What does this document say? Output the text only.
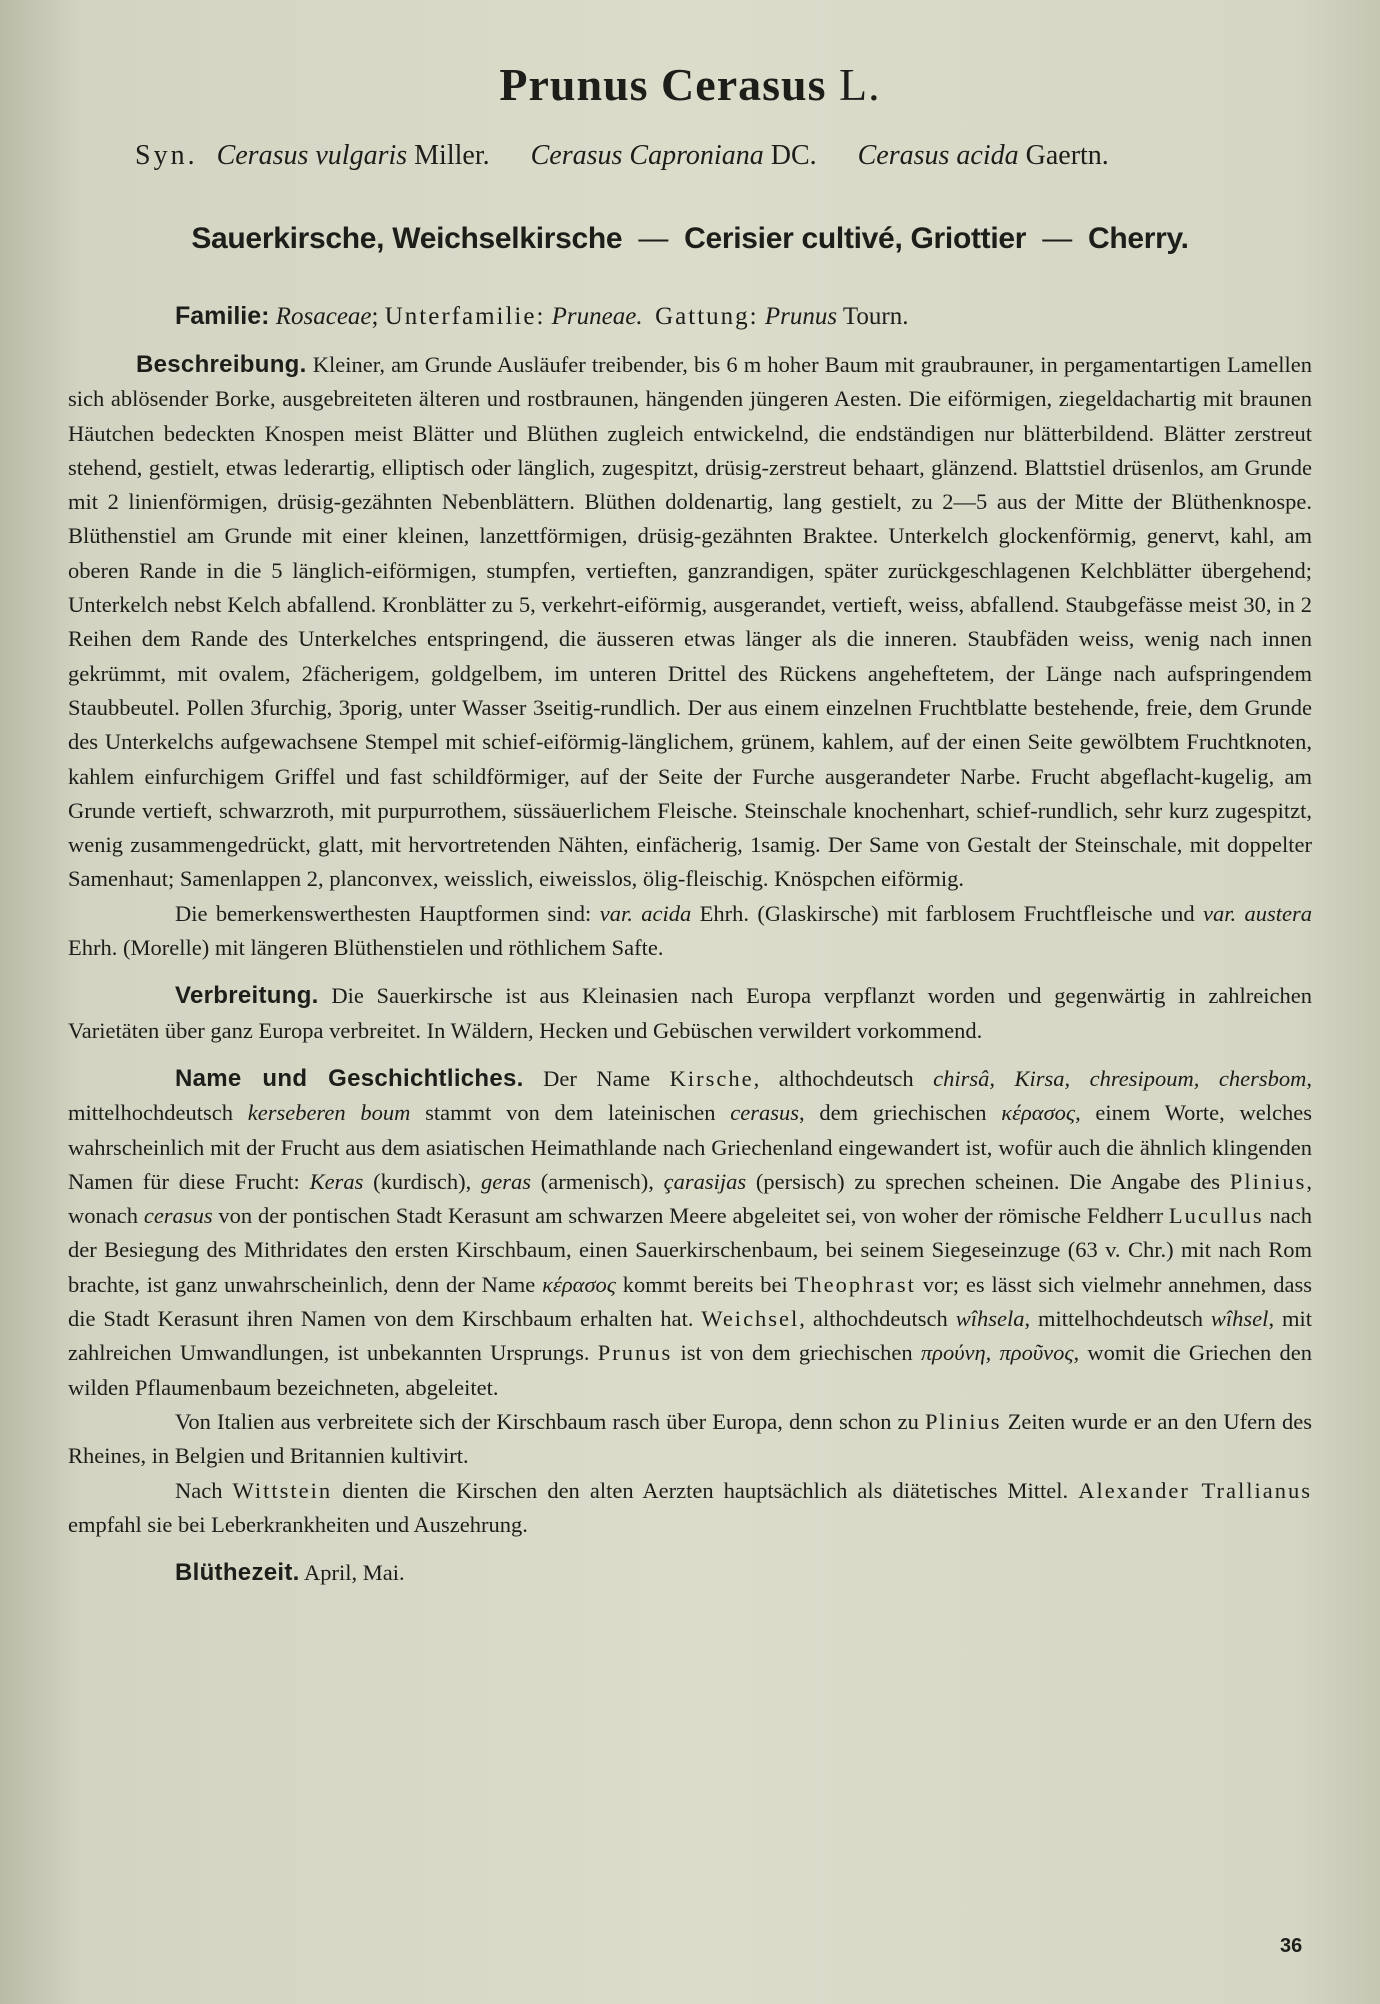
Prunus Cerasus L.
Syn. Cerasus vulgaris Miller. Cerasus Caproniana DC. Cerasus acida Gaertn.
Sauerkirsche, Weichselkirsche — Cerisier cultivé, Griottier — Cherry.
Familie: Rosaceae; Unterfamilie: Pruneae. Gattung: Prunus Tourn.

Beschreibung. Kleiner, am Grunde Ausläufer treibender, bis 6 m hoher Baum mit graubrauner, in pergamentartigen Lamellen sich ablösender Borke, ausgebreiteten älteren und rostbraunen, hängenden jüngeren Aesten. Die eiförmigen, ziegeldachartig mit braunen Häutchen bedeckten Knospen meist Blätter und Blüthen zugleich entwickelnd, die endständigen nur blätterbildend. Blätter zerstreut stehend, gestielt, etwas lederartig, elliptisch oder länglich, zugespitzt, drüsig-zerstreut behaart, glänzend. Blattstiel drüsenlos, am Grunde mit 2 linienförmigen, drüsig-gezähnten Nebenblättern. Blüthen doldenartig, lang gestielt, zu 2—5 aus der Mitte der Blüthenknospe. Blüthenstiel am Grunde mit einer kleinen, lanzettförmigen, drüsig-gezähnten Braktee. Unterkelch glockenförmig, genervt, kahl, am oberen Rande in die 5 länglich-eiförmigen, stumpfen, vertieften, ganzrandigen, später zurückgeschlagenen Kelchblätter übergehend; Unterkelch nebst Kelch abfallend. Kronblätter zu 5, verkehrt-eiförmig, ausgerandet, vertieft, weiss, abfallend. Staubgefässe meist 30, in 2 Reihen dem Rande des Unterkelches entspringend, die äusseren etwas länger als die inneren. Staubfäden weiss, wenig nach innen gekrümmt, mit ovalem, 2fächerigem, goldgelbem, im unteren Drittel des Rückens angeheftetem, der Länge nach aufspringendem Staubbeutel. Pollen 3furchig, 3porig, unter Wasser 3seitig-rundlich. Der aus einem einzelnen Fruchtblatte bestehende, freie, dem Grunde des Unterkelchs aufgewachsene Stempel mit schief-eiförmig-länglichem, grünem, kahlem, auf der einen Seite gewölbtem Fruchtknoten, kahlem einfurchigem Griffel und fast schildförmiger, auf der Seite der Furche ausgerandeter Narbe. Frucht abgeflacht-kugelig, am Grunde vertieft, schwarzroth, mit purpurrothem, süssäuerlichem Fleische. Steinschale knochenhart, schief-rundlich, sehr kurz zugespitzt, wenig zusammengedrückt, glatt, mit hervortretenden Nähten, einfächerig, 1samig. Der Same von Gestalt der Steinschale, mit doppelter Samenhaut; Samenlappen 2, planconvex, weisslich, eiweisslos, ölig-fleischig. Knöspchen eiförmig.

Die bemerkenswerthesten Hauptformen sind: var. acida Ehrh. (Glaskirsche) mit farblosem Fruchtfleische und var. austera Ehrh. (Morelle) mit längeren Blüthenstielen und röthlichem Safte.

Verbreitung. Die Sauerkirsche ist aus Kleinasien nach Europa verpflanzt worden und gegenwärtig in zahlreichen Varietäten über ganz Europa verbreitet. In Wäldern, Hecken und Gebüschen verwildert vorkommend.

Name und Geschichtliches. Der Name Kirsche, althochdeutsch chirsâ, Kirsa, chresipoum, chersbom, mittelhochdeutsch kerseberen boum stammt von dem lateinischen cerasus, dem griechischen κέρασος, einem Worte, welches wahrscheinlich mit der Frucht aus dem asiatischen Heimathlande nach Griechenland eingewandert ist, wofür auch die ähnlich klingenden Namen für diese Frucht: Keras (kurdisch), geras (armenisch), çarasijas (persisch) zu sprechen scheinen. Die Angabe des Plinius, wonach cerasus von der pontischen Stadt Kerasunt am schwarzen Meere abgeleitet sei, von woher der römische Feldherr Lucullus nach der Besiegung des Mithridates den ersten Kirschbaum, einen Sauerkirschenbaum, bei seinem Siegeseinzuge (63 v. Chr.) mit nach Rom brachte, ist ganz unwahrscheinlich, denn der Name κέρασος kommt bereits bei Theophrast vor; es lässt sich vielmehr annehmen, dass die Stadt Kerasunt ihren Namen von dem Kirschbaum erhalten hat. Weichsel, althochdeutsch wîhsela, mittelhochdeutsch wîhsel, mit zahlreichen Umwandlungen, ist unbekannten Ursprungs. Prunus ist von dem griechischen προύνη, προῦνος, womit die Griechen den wilden Pflaumenbaum bezeichneten, abgeleitet.

Von Italien aus verbreitete sich der Kirschbaum rasch über Europa, denn schon zu Plinius Zeiten wurde er an den Ufern des Rheines, in Belgien und Britannien kultivirt.

Nach Wittstein dienten die Kirschen den alten Aerzten hauptsächlich als diätetisches Mittel. Alexander Trallianus empfahl sie bei Leberkrankheiten und Auszehrung.

Blüthezeit. April, Mai.

36
